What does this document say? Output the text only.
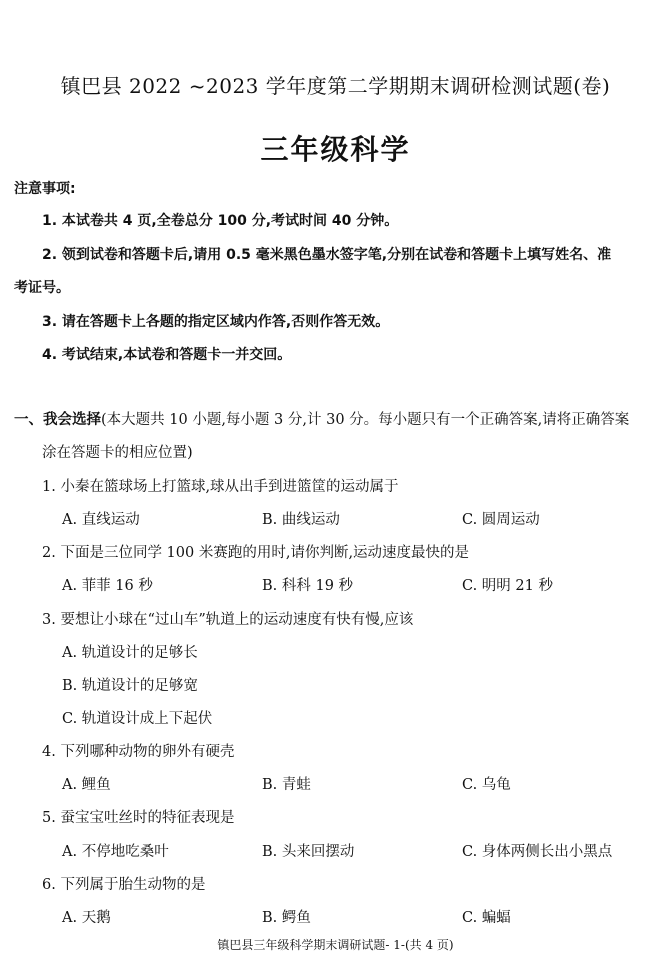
镇巴县 2022 ~2023 学年度第二学期期末调研检测试题(卷)
三年级科学
注意事项:
1. 本试卷共 4 页,全卷总分 100 分,考试时间 40 分钟。
2. 领到试卷和答题卡后,请用 0.5 毫米黑色墨水签字笔,分别在试卷和答题卡上填写姓名、准
考证号。
3. 请在答题卡上各题的指定区域内作答,否则作答无效。
4. 考试结束,本试卷和答题卡一并交回。
一、我会选择(本大题共 10 小题,每小题 3 分,计 30 分。每小题只有一个正确答案,请将正确答案
涂在答题卡的相应位置)
1. 小秦在篮球场上打篮球,球从出手到进篮筐的运动属于
A. 直线运动	B. 曲线运动	C. 圆周运动
2. 下面是三位同学 100 米赛跑的用时,请你判断,运动速度最快的是
A. 菲菲 16 秒	B. 科科 19 秒	C. 明明 21 秒
3. 要想让小球在“过山车”轨道上的运动速度有快有慢,应该
A. 轨道设计的足够长
B. 轨道设计的足够宽
C. 轨道设计成上下起伏
4. 下列哪种动物的卵外有硬壳
A. 鲤鱼	B. 青蛙	C. 乌龟
5. 蚕宝宝吐丝时的特征表现是
A. 不停地吃桑叶	B. 头来回摆动	C. 身体两侧长出小黑点
6. 下列属于胎生动物的是
A. 天鹅	B. 鳄鱼	C. 蝙蝠
镇巴县三年级科学期末调研试题- 1-(共 4 页)
